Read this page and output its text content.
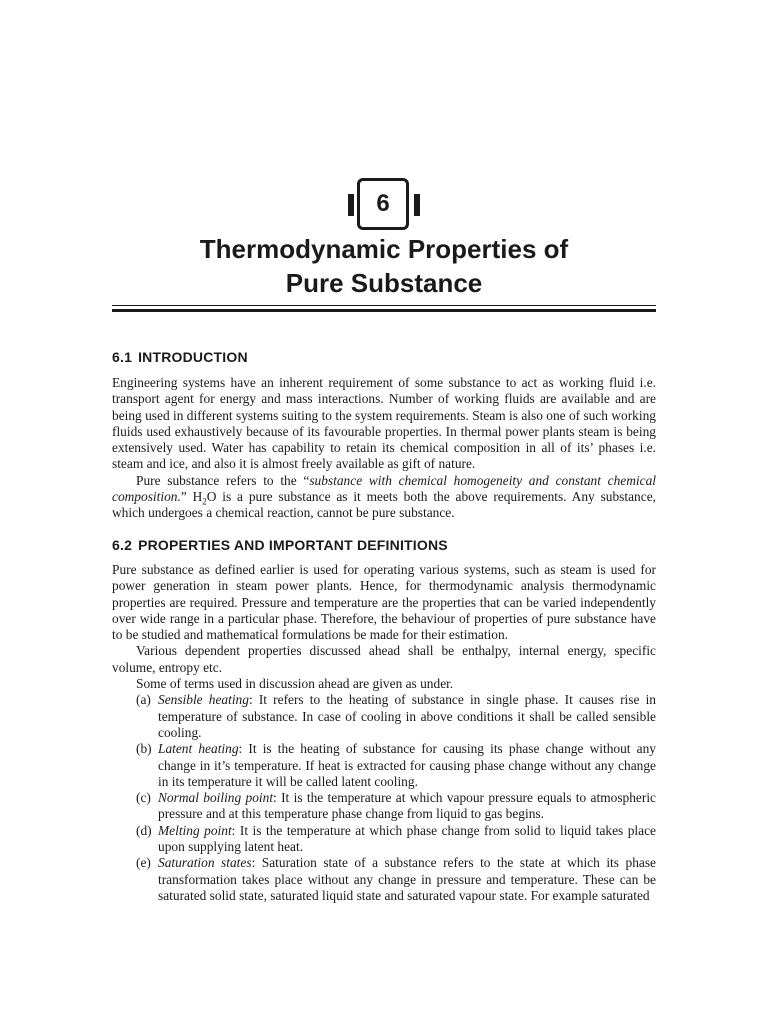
6
Thermodynamic Properties of
Pure Substance
6.1 INTRODUCTION

Engineering systems have an inherent requirement of some substance to act as working fluid i.e. transport agent for energy and mass interactions. Number of working fluids are available and are being used in different systems suiting to the system requirements. Steam is also one of such working fluids used exhaustively because of its favourable properties. In thermal power plants steam is being extensively used. Water has capability to retain its chemical composition in all of its’ phases i.e. steam and ice, and also it is almost freely available as gift of nature.

Pure substance refers to the “substance with chemical homogeneity and constant chemical composition.” $H_2O$ is a pure substance as it meets both the above requirements. Any substance, which undergoes a chemical reaction, cannot be pure substance.

6.2 PROPERTIES AND IMPORTANT DEFINITIONS

Pure substance as defined earlier is used for operating various systems, such as steam is used for power generation in steam power plants. Hence, for thermodynamic analysis thermodynamic properties are required. Pressure and temperature are the properties that can be varied independently over wide range in a particular phase. Therefore, the behaviour of properties of pure substance have to be studied and mathematical formulations be made for their estimation.

Various dependent properties discussed ahead shall be enthalpy, internal energy, specific volume, entropy etc.

Some of terms used in discussion ahead are given as under.

(a) Sensible heating: It refers to the heating of substance in single phase. It causes rise in temperature of substance. In case of cooling in above conditions it shall be called sensible cooling.
(b) Latent heating: It is the heating of substance for causing its phase change without any change in it’s temperature. If heat is extracted for causing phase change without any change in its temperature it will be called latent cooling.
(c) Normal boiling point: It is the temperature at which vapour pressure equals to atmospheric pressure and at this temperature phase change from liquid to gas begins.
(d) Melting point: It is the temperature at which phase change from solid to liquid takes place upon supplying latent heat.
(e) Saturation states: Saturation state of a substance refers to the state at which its phase transformation takes place without any change in pressure and temperature. These can be saturated solid state, saturated liquid state and saturated vapour state. For example saturated
